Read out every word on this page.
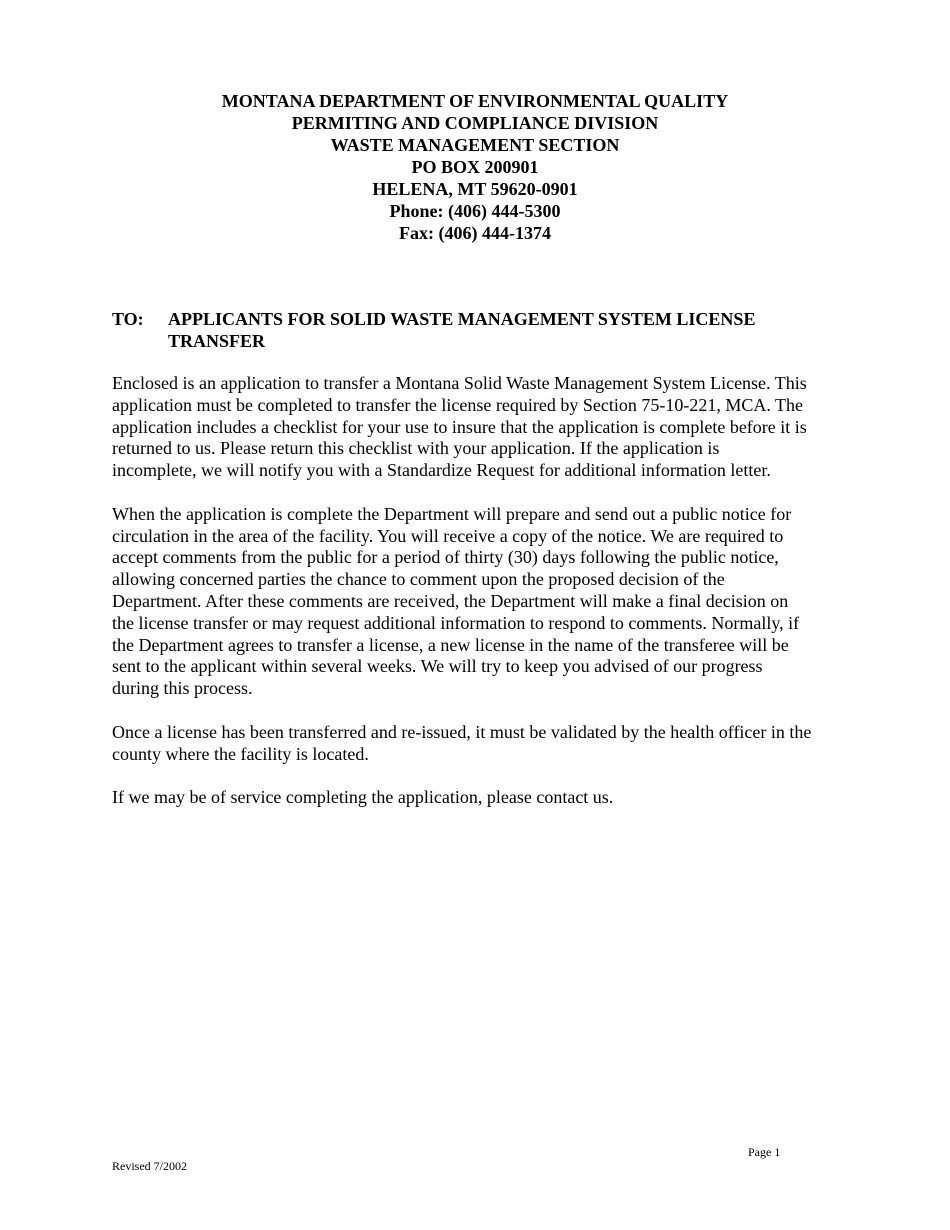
MONTANA DEPARTMENT OF ENVIRONMENTAL QUALITY
PERMITING AND COMPLIANCE DIVISION
WASTE MANAGEMENT SECTION
PO BOX 200901
HELENA, MT 59620-0901
Phone: (406) 444-5300
Fax: (406) 444-1374
TO:	APPLICANTS FOR SOLID WASTE MANAGEMENT SYSTEM LICENSE
TRANSFER

Enclosed is an application to transfer a Montana Solid Waste Management System License. This
application must be completed to transfer the license required by Section 75-10-221, MCA. The
application includes a checklist for your use to insure that the application is complete before it is
returned to us. Please return this checklist with your application. If the application is
incomplete, we will notify you with a Standardize Request for additional information letter.

When the application is complete the Department will prepare and send out a public notice for
circulation in the area of the facility. You will receive a copy of the notice. We are required to
accept comments from the public for a period of thirty (30) days following the public notice,
allowing concerned parties the chance to comment upon the proposed decision of the
Department. After these comments are received, the Department will make a final decision on
the license transfer or may request additional information to respond to comments. Normally, if
the Department agrees to transfer a license, a new license in the name of the transferee will be
sent to the applicant within several weeks. We will try to keep you advised of our progress
during this process.

Once a license has been transferred and re-issued, it must be validated by the health officer in the
county where the facility is located.

If we may be of service completing the application, please contact us.

Page 1
Revised 7/2002
